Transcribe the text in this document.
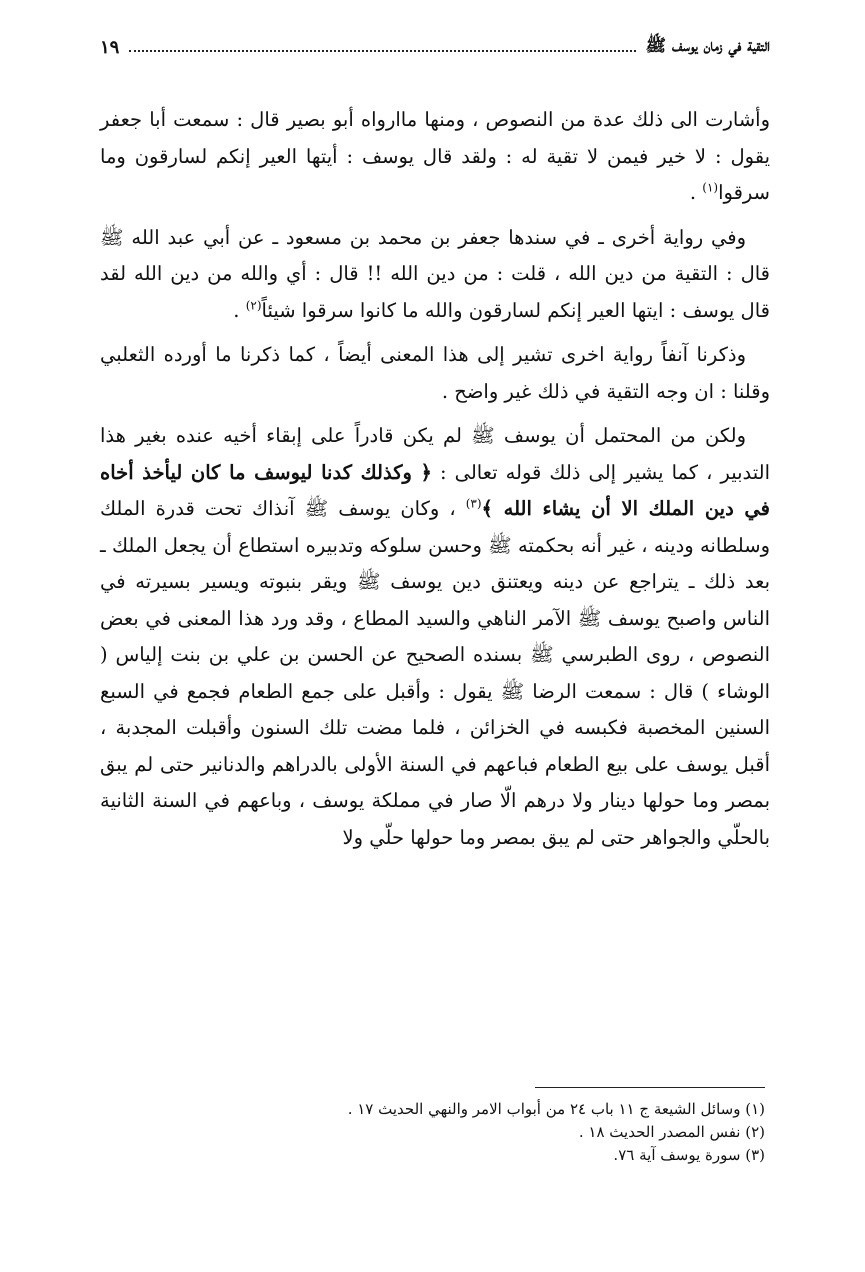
التقية في زمان يوسف ﷺ
١٩

وأشارت الى ذلك عدة من النصوص ، ومنها ماارواه أبو بصير قال : سمعت أبا جعفر يقول : لا خير فيمن لا تقية له : ولقد قال يوسف : أيتها العير إنكم لسارقون وما سرقوا$^{(١)}$ .

وفي رواية أخرى ـ في سندها جعفر بن محمد بن مسعود ـ عن أبي عبد الله ﷺ قال : التقية من دين الله ، قلت : من دين الله !! قال : أي والله من دين الله لقد قال يوسف : ايتها العير إنكم لسارقون والله ما كانوا سرقوا شيئاً$^{(٢)}$ .

وذكرنا آنفاً رواية اخرى تشير إلى هذا المعنى أيضاً ، كما ذكرنا ما أورده الثعلبي وقلنا : ان وجه التقية في ذلك غير واضح .

ولكن من المحتمل أن يوسف ﷺ لم يكن قادراً على إبقاء أخيه عنده بغير هذا التدبير ، كما يشير إلى ذلك قوله تعالى : ﴿ وكذلك كدنا ليوسف ما كان ليأخذ أخاه في دين الملك الا أن يشاء الله ﴾$^{(٣)}$ ، وكان يوسف ﷺ آنذاك تحت قدرة الملك وسلطانه ودينه ، غير أنه بحكمته ﷺ وحسن سلوكه وتدبيره استطاع أن يجعل الملك ـ بعد ذلك ـ يتراجع عن دينه ويعتنق دين يوسف ﷺ ويقر بنبوته ويسير بسيرته في الناس واصبح يوسف ﷺ الآمر الناهي والسيد المطاع ، وقد ورد هذا المعنى في بعض النصوص ، روى الطبرسي ﷺ بسنده الصحيح عن الحسن بن علي بن بنت إلياس ( الوشاء ) قال : سمعت الرضا ﷺ يقول : وأقبل على جمع الطعام فجمع في السبع السنين المخصبة فكبسه في الخزائن ، فلما مضت تلك السنون وأقبلت المجدبة ، أقبل يوسف على بيع الطعام فباعهم في السنة الأولى بالدراهم والدنانير حتى لم يبق بمصر وما حولها دينار ولا درهم الّا صار في مملكة يوسف ، وباعهم في السنة الثانية بالحلّي والجواهر حتى لم يبق بمصر وما حولها حلّي ولا

(١) وسائل الشيعة ج ١١ باب ٢٤ من أبواب الامر والنهي الحديث ١٧ .
(٢) نفس المصدر الحديث ١٨ .
(٣) سورة يوسف آية ٧٦.
